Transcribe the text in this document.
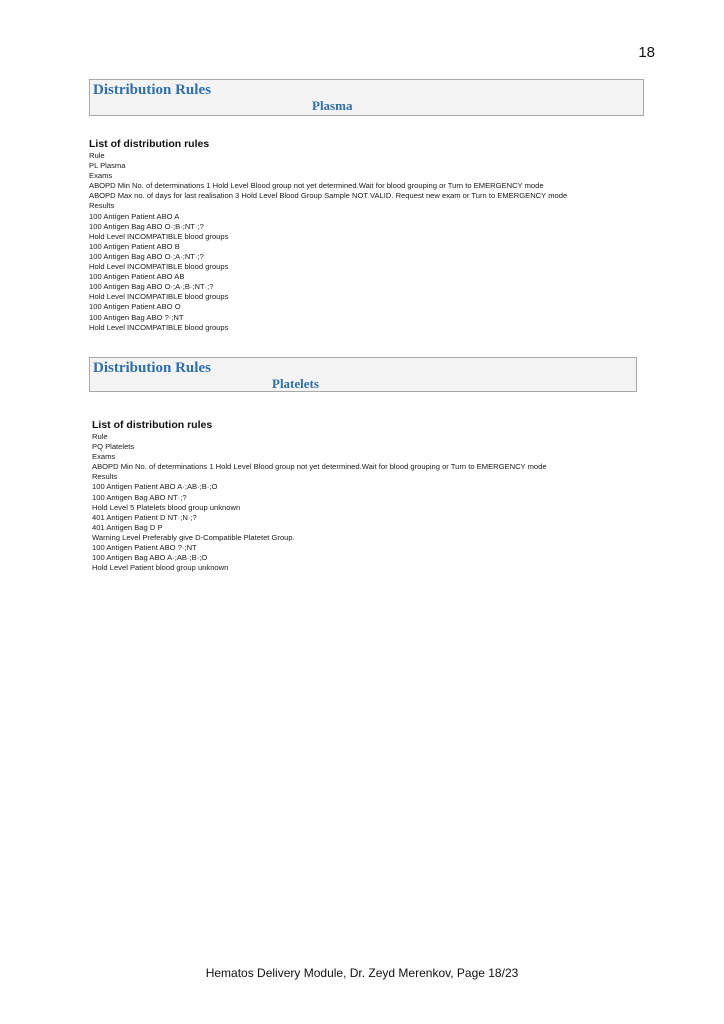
18
Distribution Rules
Plasma
List of distribution rules
Rule
PL Plasma
Exams
ABOPD Min No. of determinations 1 Hold Level Blood group not yet determined.Wait for blood grouping or Turn to EMERGENCY mode
ABOPD Max no. of days for last realisation 3 Hold Level Blood Group Sample NOT VALID. Request new exam or Turn to EMERGENCY mode
Results
100 Antigen Patient ABO A
100 Antigen Bag ABO O·;B·;NT·;?
Hold Level INCOMPATIBLE blood groups
100 Antigen Patient ABO B
100 Antigen Bag ABO O·;A·;NT·;?
Hold Level INCOMPATIBLE blood groups
100 Antigen Patient ABO AB
100 Antigen Bag ABO O·;A·;B·;NT·;?
Hold Level INCOMPATIBLE blood groups
100 Antigen Patient ABO O
100 Antigen Bag ABO ?·;NT
Hold Level INCOMPATIBLE blood groups
Distribution Rules
Platelets
List of distribution rules
Rule
PQ Platelets
Exams
ABOPD Min No. of determinations 1 Hold Level Blood group not yet determined.Wait for blood grouping or Turn to EMERGENCY mode
Results
100 Antigen Patient ABO A·;AB·;B·;O
100 Antigen Bag ABO NT·;?
Hold Level 5 Platelets blood group unknown
401 Antigen Patient D NT·;N·;?
401 Antigen Bag D P
Warning Level Preferably give D-Compatible Platetet Group.
100 Antigen Patient ABO ?·;NT
100 Antigen Bag ABO A·;AB·;B·;O
Hold Level Patient blood group unknown
Hematos Delivery Module, Dr. Zeyd Merenkov, Page 18/23
